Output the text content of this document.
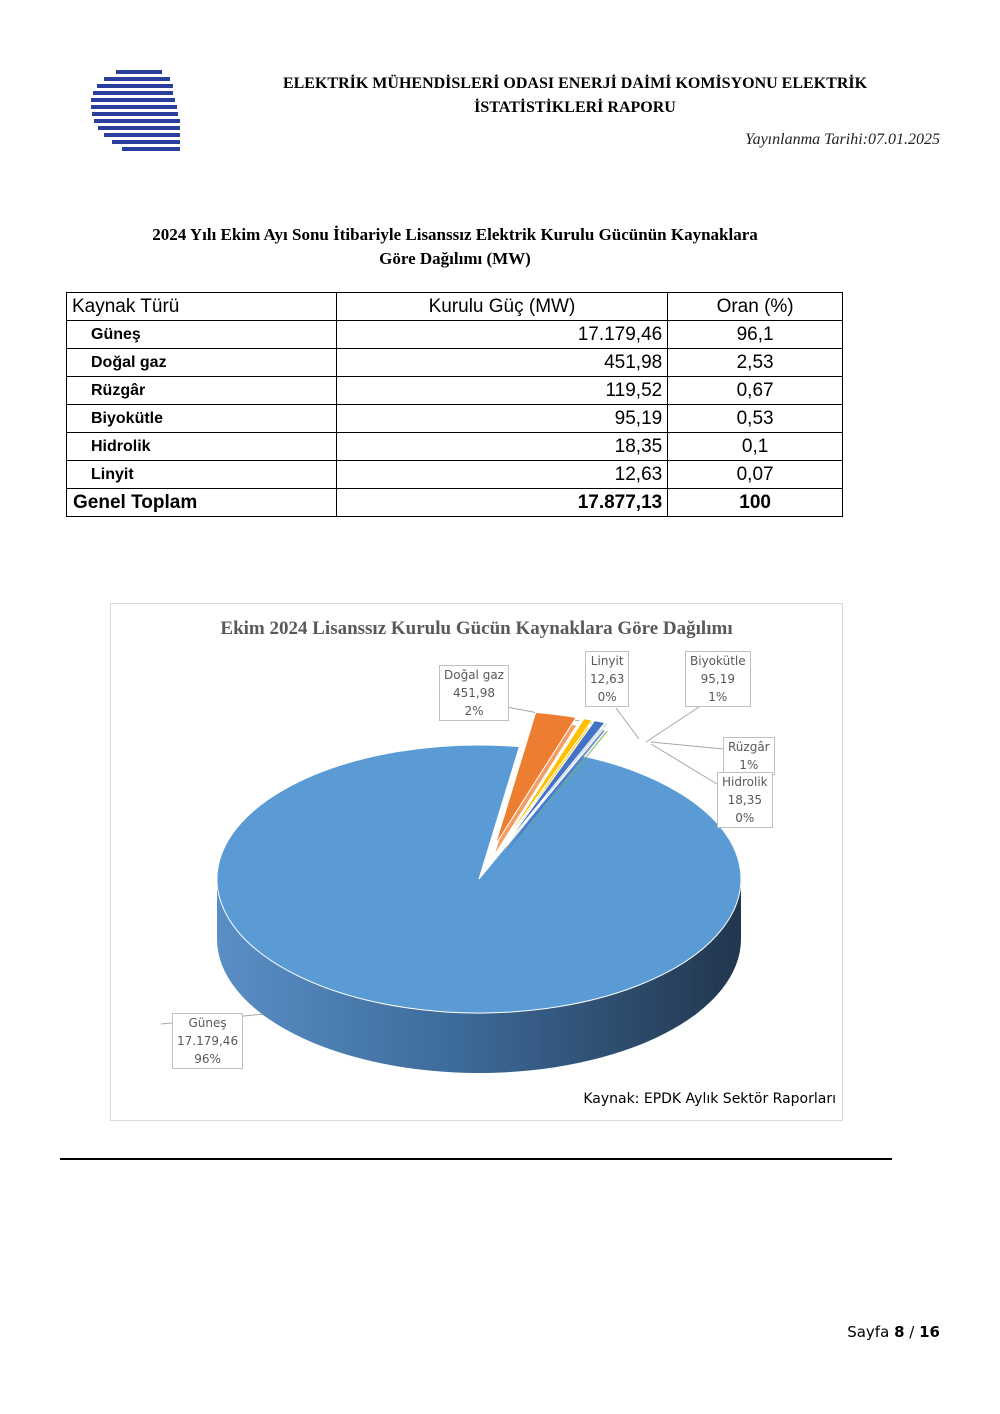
ELEKTRİK MÜHENDİSLERİ ODASI ENERJİ DAİMİ KOMİSYONU ELEKTRİK
İSTATİSTİKLERİ RAPORU
Yayınlanma Tarihi:07.01.2025
2024 Yılı Ekim Ayı Sonu İtibariyle Lisanssız Elektrik Kurulu Gücünün Kaynaklara
Göre Dağılımı (MW)
Kaynak Türü	Kurulu Güç (MW)	Oran (%)
Güneş	17.179,46	96,1
Doğal gaz	451,98	2,53
Rüzgâr	119,52	0,67
Biyokütle	95,19	0,53
Hidrolik	18,35	0,1
Linyit	12,63	0,07
Genel Toplam	17.877,13	100
Ekim 2024 Lisanssız Kurulu Gücün Kaynaklara Göre Dağılımı
Doğal gaz
451,98
2%
Linyit
12,63
0%
Biyokütle
95,19
1%
Rüzgâr
1%
Hidrolik
18,35
0%
Güneş
17.179,46
96%
Kaynak: EPDK Aylık Sektör Raporları
Sayfa 8 / 16
